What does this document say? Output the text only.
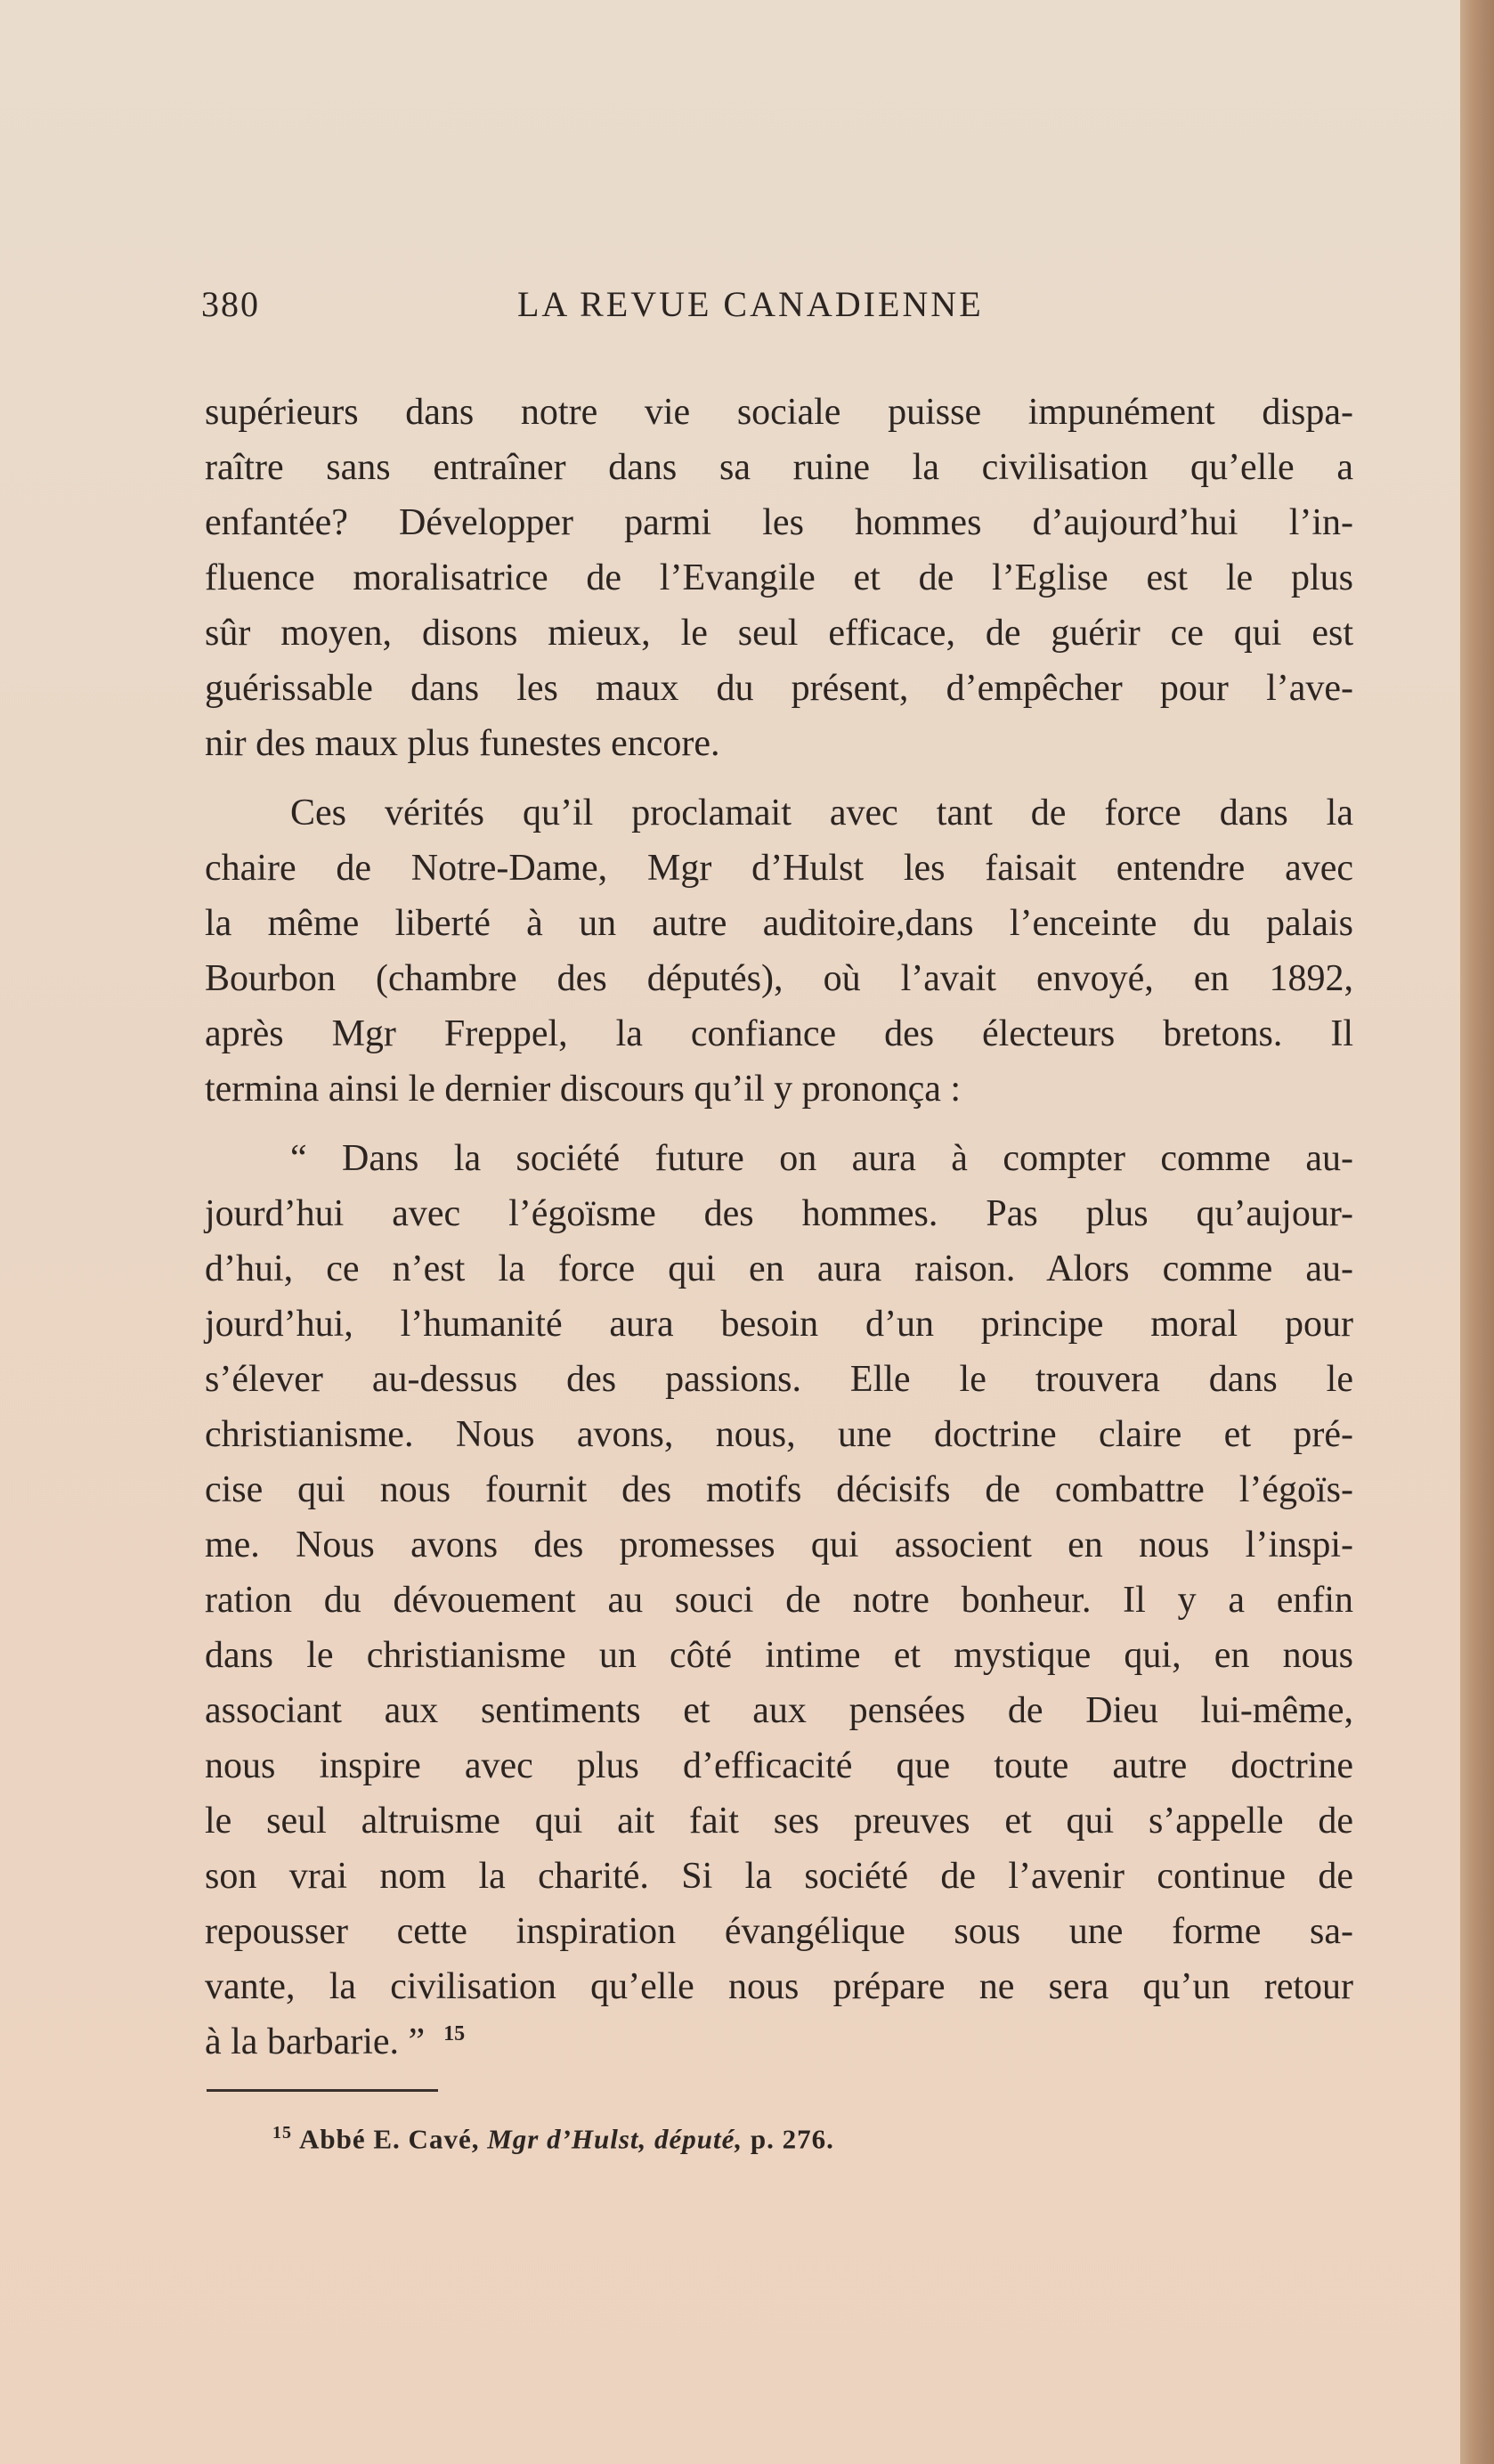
380	LA REVUE CANADIENNE

supérieurs dans notre vie sociale puisse impunément dispa-
raître sans entraîner dans sa ruine la civilisation qu’elle a
enfantée? Développer parmi les hommes d’aujourd’hui l’in-
fluence moralisatrice de l’Evangile et de l’Eglise est le plus
sûr moyen, disons mieux, le seul efficace, de guérir ce qui est
guérissable dans les maux du présent, d’empêcher pour l’ave-
nir des maux plus funestes encore.

Ces vérités qu’il proclamait avec tant de force dans la
chaire de Notre-Dame, Mgr d’Hulst les faisait entendre avec
la même liberté à un autre auditoire,dans l’enceinte du palais
Bourbon (chambre des députés), où l’avait envoyé, en 1892,
après Mgr Freppel, la confiance des électeurs bretons. Il
termina ainsi le dernier discours qu’il y prononça :

“ Dans la société future on aura à compter comme au-
jourd’hui avec l’égoïsme des hommes. Pas plus qu’aujour-
d’hui, ce n’est la force qui en aura raison. Alors comme au-
jourd’hui, l’humanité aura besoin d’un principe moral pour
s’élever au-dessus des passions. Elle le trouvera dans le
christianisme. Nous avons, nous, une doctrine claire et pré-
cise qui nous fournit des motifs décisifs de combattre l’égoïs-
me. Nous avons des promesses qui associent en nous l’inspi-
ration du dévouement au souci de notre bonheur. Il y a enfin
dans le christianisme un côté intime et mystique qui, en nous
associant aux sentiments et aux pensées de Dieu lui-même,
nous inspire avec plus d’efficacité que toute autre doctrine
le seul altruisme qui ait fait ses preuves et qui s’appelle de
son vrai nom la charité. Si la société de l’avenir continue de
repousser cette inspiration évangélique sous une forme sa-
vante, la civilisation qu’elle nous prépare ne sera qu’un retour
à la barbarie. ” $^{15}$

$^{15}$ Abbé E. Cavé, Mgr d’Hulst, député, p. 276.
